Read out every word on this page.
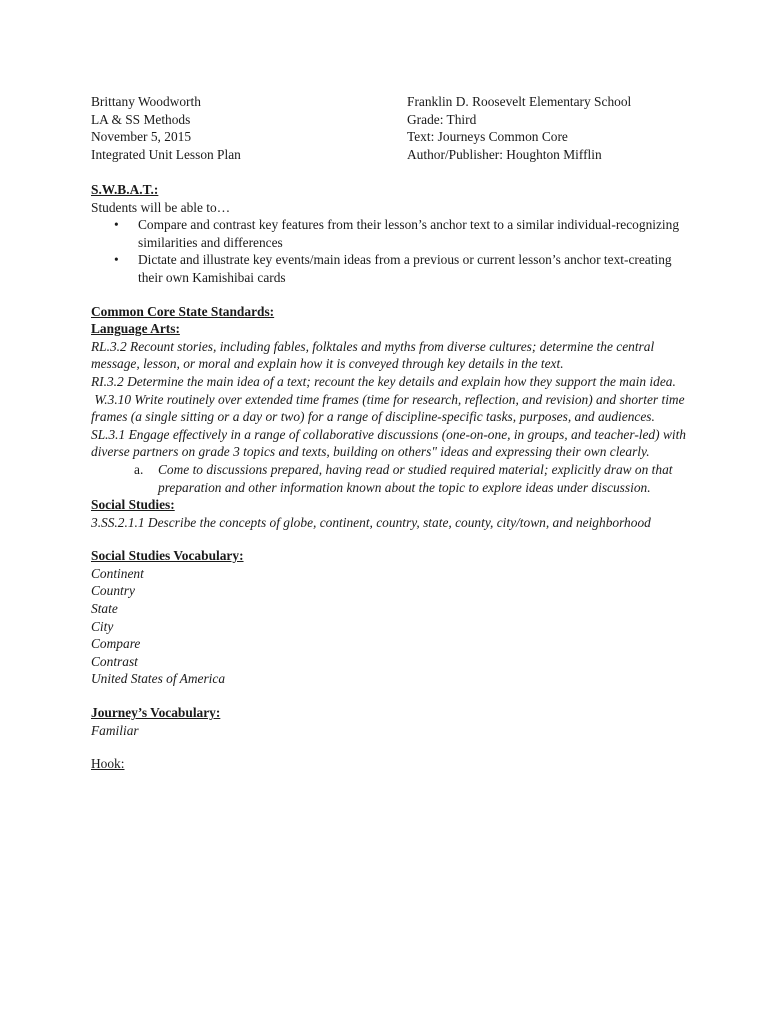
Brittany Woodworth
LA & SS Methods
November 5, 2015
Integrated Unit Lesson Plan
Franklin D. Roosevelt Elementary School
Grade: Third
Text: Journeys Common Core
Author/Publisher: Houghton Mifflin
S.W.B.A.T.:
Students will be able to…
• Compare and contrast key features from their lesson’s anchor text to a similar individual-recognizing similarities and differences
• Dictate and illustrate key events/main ideas from a previous or current lesson’s anchor text-creating their own Kamishibai cards
Common Core State Standards:
Language Arts:
RL.3.2 Recount stories, including fables, folktales and myths from diverse cultures; determine the central message, lesson, or moral and explain how it is conveyed through key details in the text.
RI.3.2 Determine the main idea of a text; recount the key details and explain how they support the main idea.
W.3.10 Write routinely over extended time frames (time for research, reflection, and revision) and shorter time frames (a single sitting or a day or two) for a range of discipline-specific tasks, purposes, and audiences.
SL.3.1 Engage effectively in a range of collaborative discussions (one-on-one, in groups, and teacher-led) with diverse partners on grade 3 topics and texts, building on others" ideas and expressing their own clearly.
a. Come to discussions prepared, having read or studied required material; explicitly draw on that preparation and other information known about the topic to explore ideas under discussion.
Social Studies:
3.SS.2.1.1 Describe the concepts of globe, continent, country, state, county, city/town, and neighborhood
Social Studies Vocabulary:
Continent
Country
State
City
Compare
Contrast
United States of America
Journey’s Vocabulary:
Familiar
Hook:
